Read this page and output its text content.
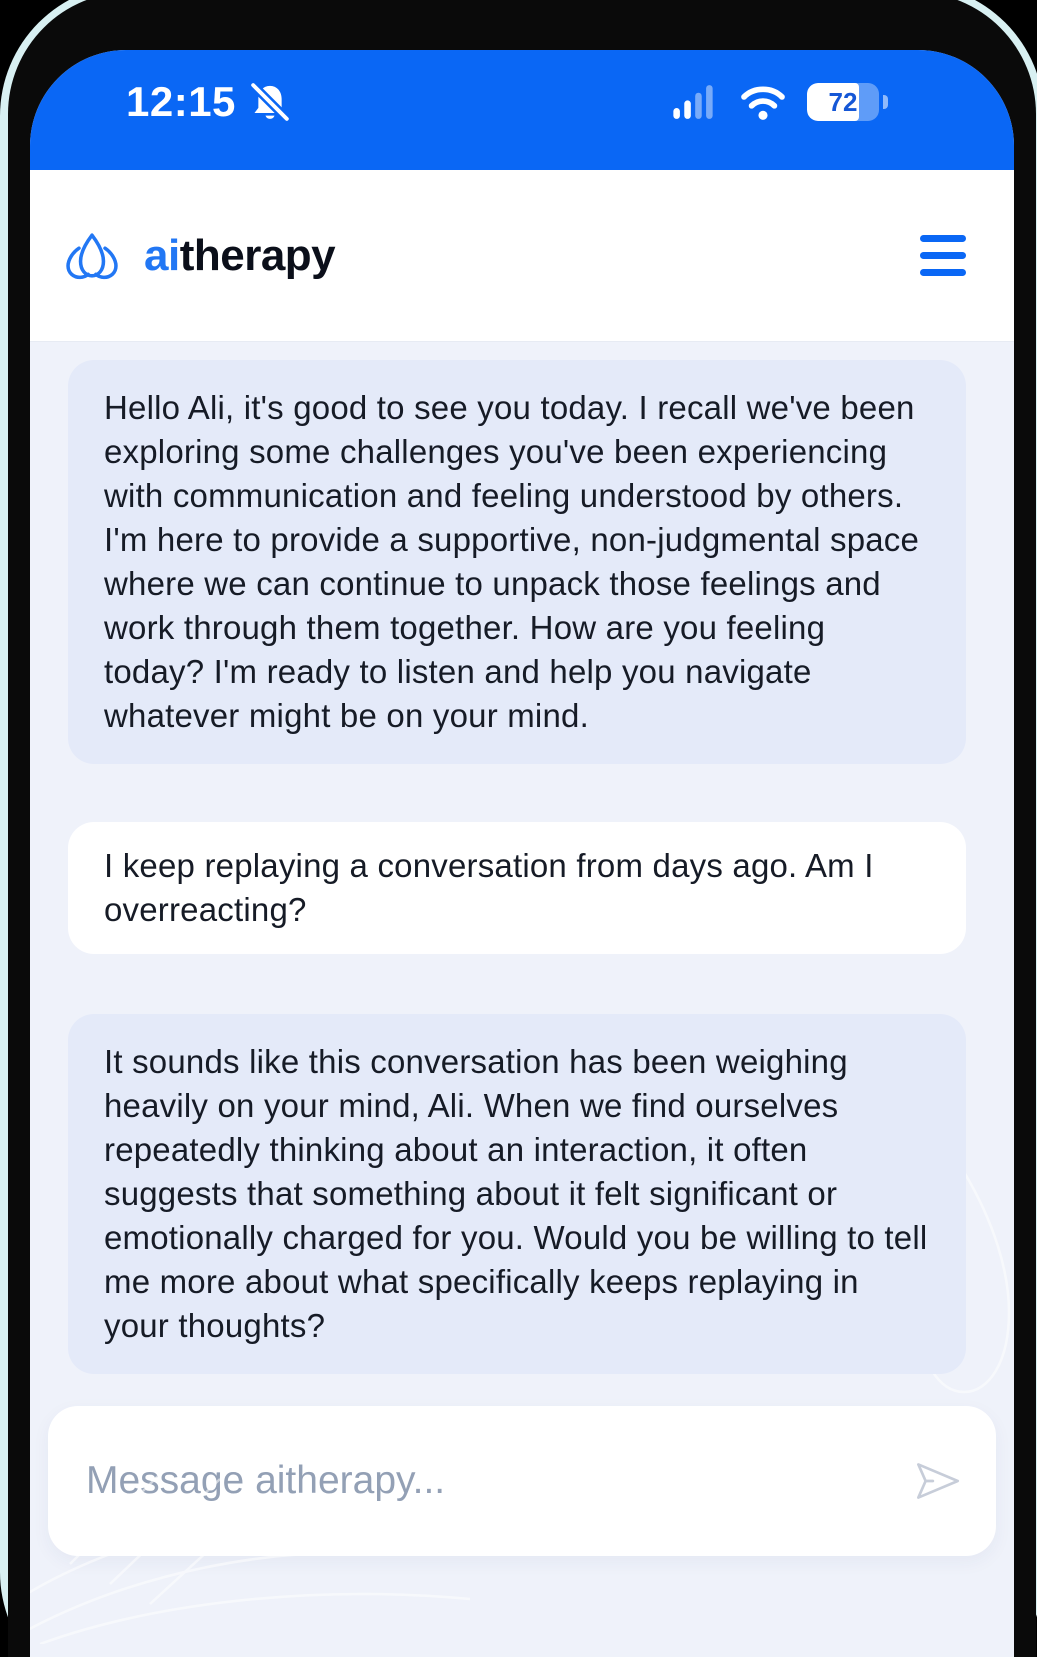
12:15	72
aitherapy
Hello Ali, it's good to see you today. I recall we've been exploring some challenges you've been experiencing with communication and feeling understood by others. I'm here to provide a supportive, non-judgmental space where we can continue to unpack those feelings and work through them together. How are you feeling today? I'm ready to listen and help you navigate whatever might be on your mind.
I keep replaying a conversation from days ago. Am I overreacting?
It sounds like this conversation has been weighing heavily on your mind, Ali. When we find ourselves repeatedly thinking about an interaction, it often suggests that something about it felt significant or emotionally charged for you. Would you be willing to tell me more about what specifically keeps replaying in your thoughts?
Message aitherapy...
